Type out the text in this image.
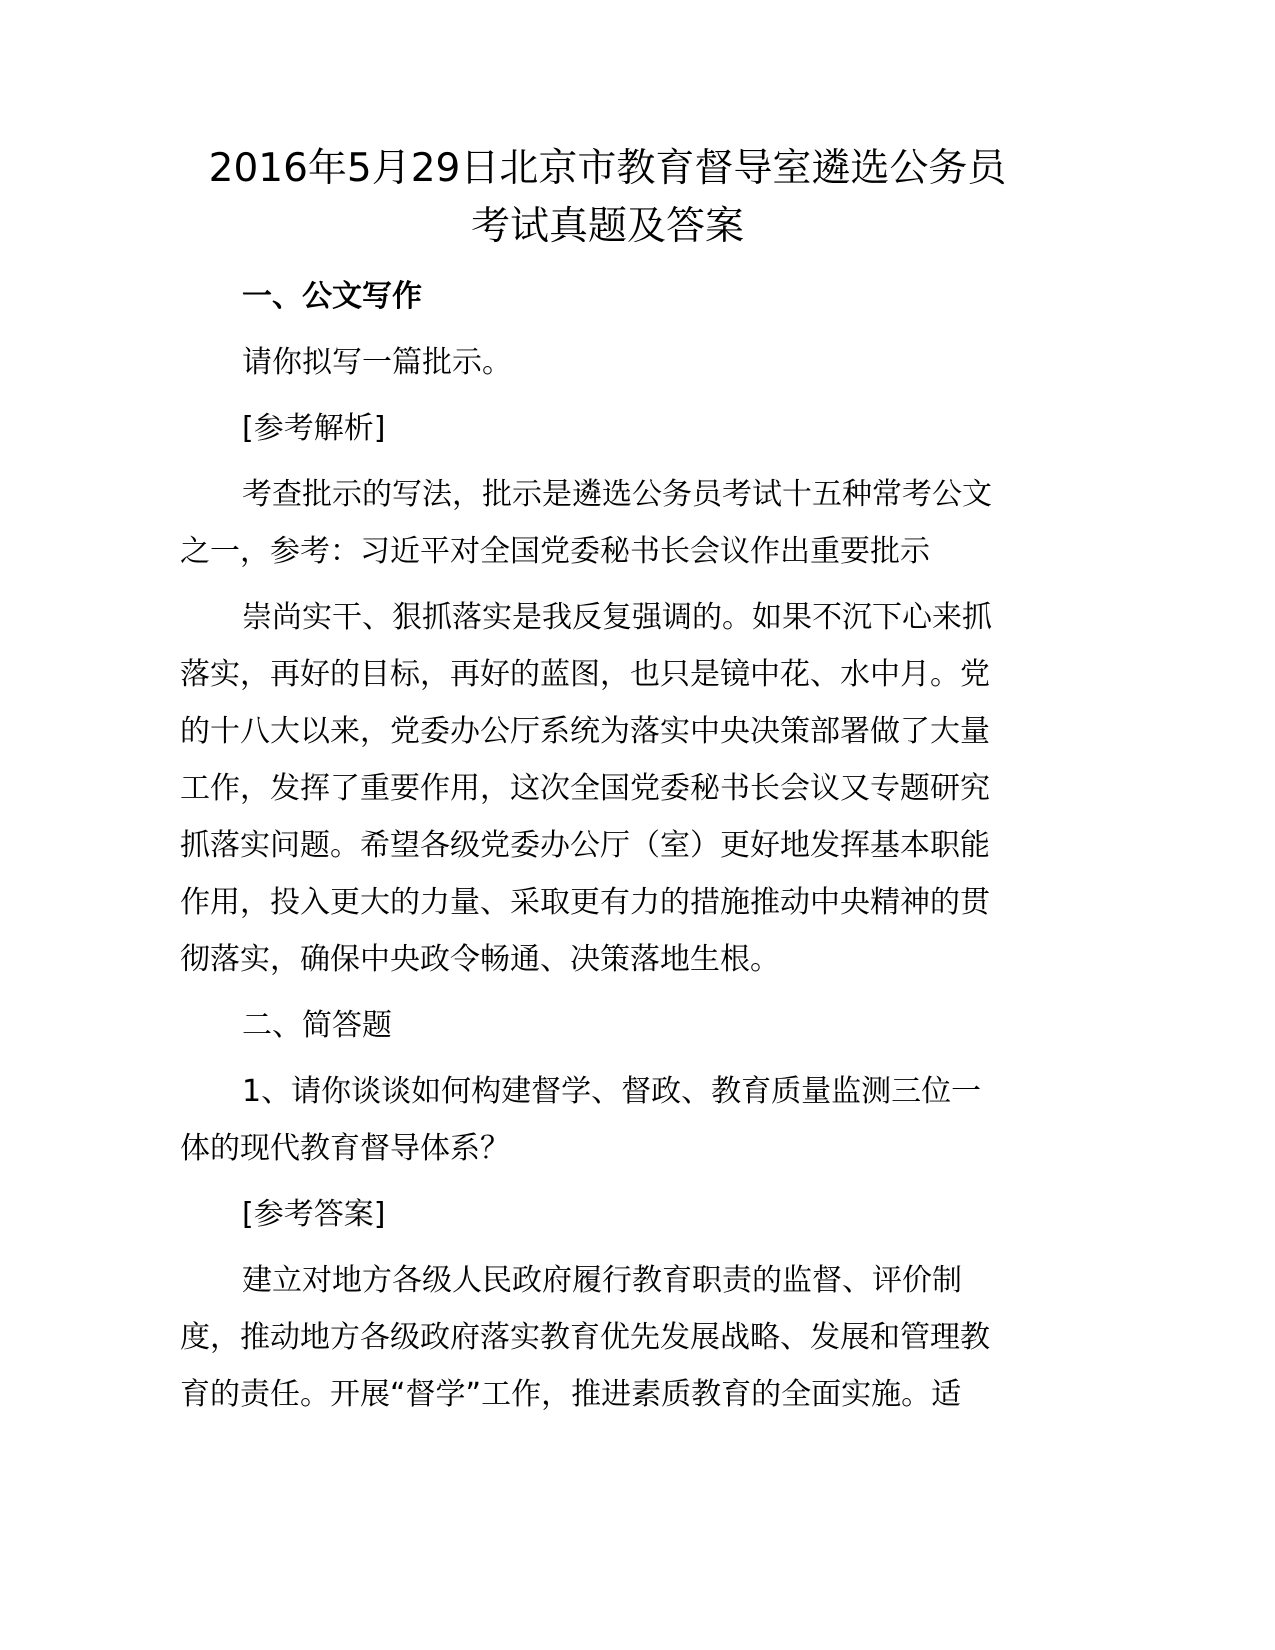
2016年5月29日北京市教育督导室遴选公务员
考试真题及答案

一、公文写作

请你拟写一篇批示。

[参考解析]

考查批示的写法，批示是遴选公务员考试十五种常考公文

之一，参考：习近平对全国党委秘书长会议作出重要批示

崇尚实干、狠抓落实是我反复强调的。如果不沉下心来抓

落实，再好的目标，再好的蓝图，也只是镜中花、水中月。党

的十八大以来，党委办公厅系统为落实中央决策部署做了大量

工作，发挥了重要作用，这次全国党委秘书长会议又专题研究

抓落实问题。希望各级党委办公厅（室）更好地发挥基本职能

作用，投入更大的力量、采取更有力的措施推动中央精神的贯

彻落实，确保中央政令畅通、决策落地生根。

二、简答题

1、请你谈谈如何构建督学、督政、教育质量监测三位一

体的现代教育督导体系？

[参考答案]

建立对地方各级人民政府履行教育职责的监督、评价制

度，推动地方各级政府落实教育优先发展战略、发展和管理教

育的责任。开展“督学”工作，推进素质教育的全面实施。适
